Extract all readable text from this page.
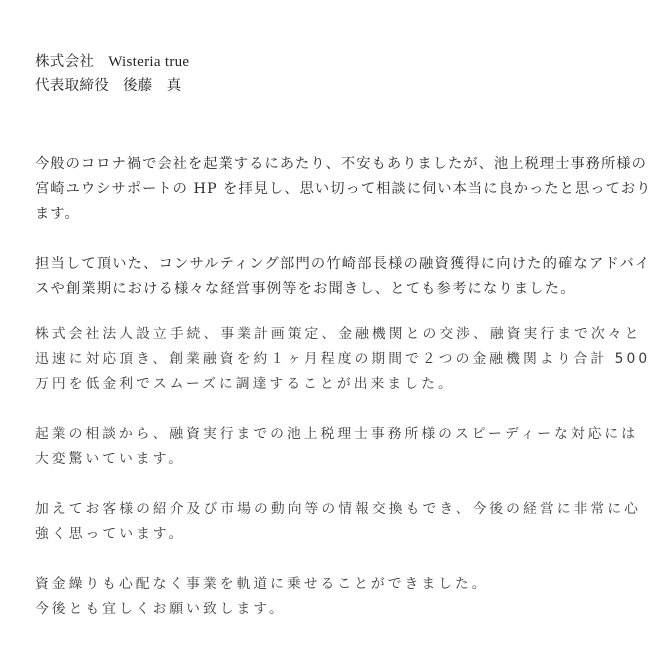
株式会社 Wisteria true
代表取締役 後藤 真

今般のコロナ禍で会社を起業するにあたり、不安もありましたが、池上税理士事務所様の
宮崎ユウシサポートの HP を拝見し、思い切って相談に伺い本当に良かったと思っており
ます。

担当して頂いた、コンサルティング部門の竹崎部長様の融資獲得に向けた的確なアドバイ
スや創業期における様々な経営事例等をお聞きし、とても参考になりました。

株式会社法人設立手続、事業計画策定、金融機関との交渉、融資実行まで次々と
迅速に対応頂き、創業融資を約１ヶ月程度の期間で２つの金融機関より合計 500
万円を低金利でスムーズに調達することが出来ました。

起業の相談から、融資実行までの池上税理士事務所様のスピーディーな対応には
大変驚いています。

加えてお客様の紹介及び市場の動向等の情報交換もでき、今後の経営に非常に心
強く思っています。

資金繰りも心配なく事業を軌道に乗せることができました。
今後とも宜しくお願い致します。
